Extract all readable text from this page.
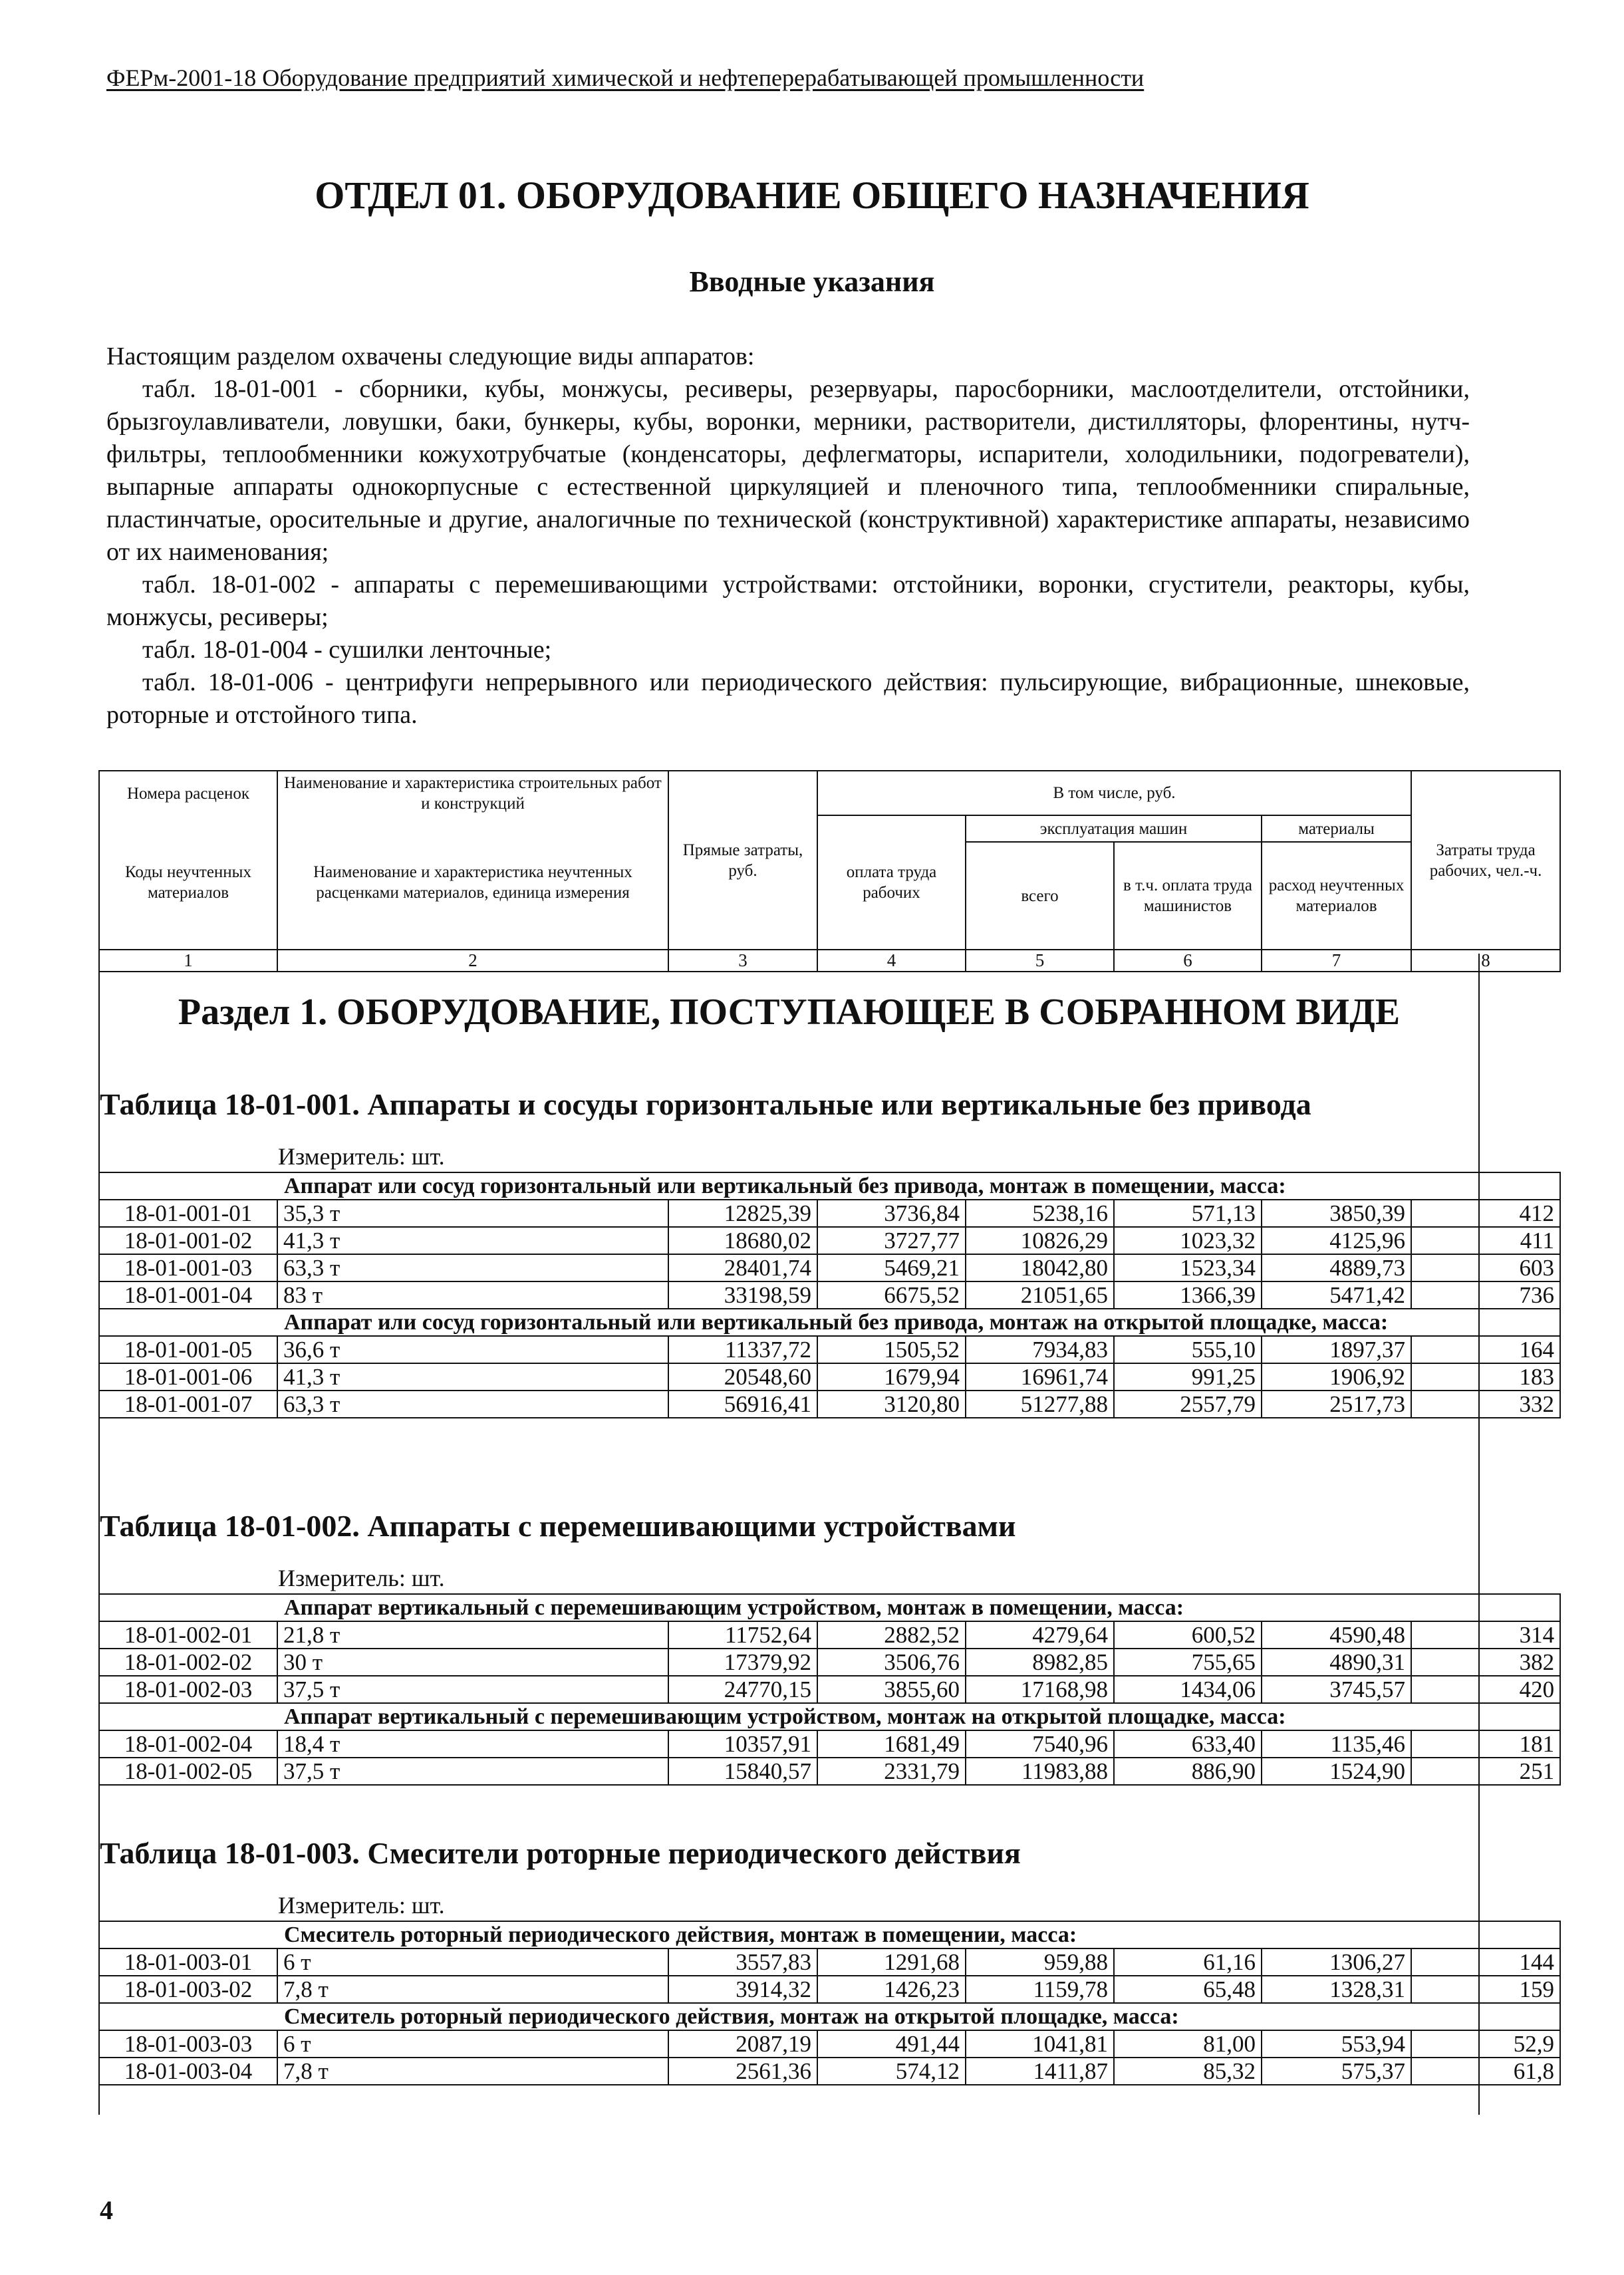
ФЕРм-2001-18 Оборудование предприятий химической и нефтеперерабатывающей промышленности
ОТДЕЛ 01. ОБОРУДОВАНИЕ ОБЩЕГО НАЗНАЧЕНИЯ
Вводные указания

Настоящим разделом охвачены следующие виды аппаратов:

табл. 18-01-001 - сборники, кубы, монжусы, ресиверы, резервуары, паросборники, маслоотделители, отстойники, брызгоулавливатели, ловушки, баки, бункеры, кубы, воронки, мерники, растворители, дистилляторы, флорентины, нутч-фильтры, теплообменники кожухотрубчатые (конденсаторы, дефлегматоры, испарители, холодильники, подогреватели), выпарные аппараты однокорпусные с естественной циркуляцией и пленочного типа, теплообменники спиральные, пластинчатые, оросительные и другие, аналогичные по технической (конструктивной) характеристике аппараты, независимо от их наименования;

табл. 18-01-002 - аппараты с перемешивающими устройствами: отстойники, воронки, сгустители, реакторы, кубы, монжусы, ресиверы;

табл. 18-01-004 - сушилки ленточные;

табл. 18-01-006 - центрифуги непрерывного или периодического действия: пульсирующие, вибрационные, шнековые, роторные и отстойного типа.

Номера расценок	Наименование и характеристика строительных работ и конструкций	Прямые затраты, руб.	В том числе, руб.				Затраты труда рабочих, чел.-ч.
Коды неучтенных материалов	Наименование и характеристика неучтенных расценками материалов, единица измерения		оплата труда рабочих	эксплуатация машин		материалы	
				всего	в т.ч. оплата труда машинистов	расход неучтенных материалов	
1	2	3	4	5	6	7	8
Раздел 1. ОБОРУДОВАНИЕ, ПОСТУПАЮЩЕЕ В СОБРАННОМ ВИДЕ
Таблица 18-01-001. Аппараты и сосуды горизонтальные или вертикальные без привода
Измеритель: шт.
	Аппарат или сосуд горизонтальный или вертикальный без привода, монтаж в помещении, масса:							
18-01-001-01	35,3 т		12825,39	3736,84	5238,16	571,13	3850,39	412
18-01-001-02	41,3 т		18680,02	3727,77	10826,29	1023,32	4125,96	411
18-01-001-03	63,3 т		28401,74	5469,21	18042,80	1523,34	4889,73	603
18-01-001-04	83 т		33198,59	6675,52	21051,65	1366,39	5471,42	736
	Аппарат или сосуд горизонтальный или вертикальный без привода, монтаж на открытой площадке, масса:							
18-01-001-05	36,6 т		11337,72	1505,52	7934,83	555,10	1897,37	164
18-01-001-06	41,3 т		20548,60	1679,94	16961,74	991,25	1906,92	183
18-01-001-07	63,3 т		56916,41	3120,80	51277,88	2557,79	2517,73	332
Таблица 18-01-002. Аппараты с перемешивающими устройствами
Измеритель: шт.
	Аппарат вертикальный с перемешивающим устройством, монтаж в помещении, масса:							
18-01-002-01	21,8 т		11752,64	2882,52	4279,64	600,52	4590,48	314
18-01-002-02	30 т		17379,92	3506,76	8982,85	755,65	4890,31	382
18-01-002-03	37,5 т		24770,15	3855,60	17168,98	1434,06	3745,57	420
	Аппарат вертикальный с перемешивающим устройством, монтаж на открытой площадке, масса:							
18-01-002-04	18,4 т		10357,91	1681,49	7540,96	633,40	1135,46	181
18-01-002-05	37,5 т		15840,57	2331,79	11983,88	886,90	1524,90	251
Таблица 18-01-003. Смесители роторные периодического действия
Измеритель: шт.
	Смеситель роторный периодического действия, монтаж в помещении, масса:							
18-01-003-01	6 т		3557,83	1291,68	959,88	61,16	1306,27	144
18-01-003-02	7,8 т		3914,32	1426,23	1159,78	65,48	1328,31	159
	Смеситель роторный периодического действия, монтаж на открытой площадке, масса:							
18-01-003-03	6 т		2087,19	491,44	1041,81	81,00	553,94	52,9
18-01-003-04	7,8 т		2561,36	574,12	1411,87	85,32	575,37	61,8
4
